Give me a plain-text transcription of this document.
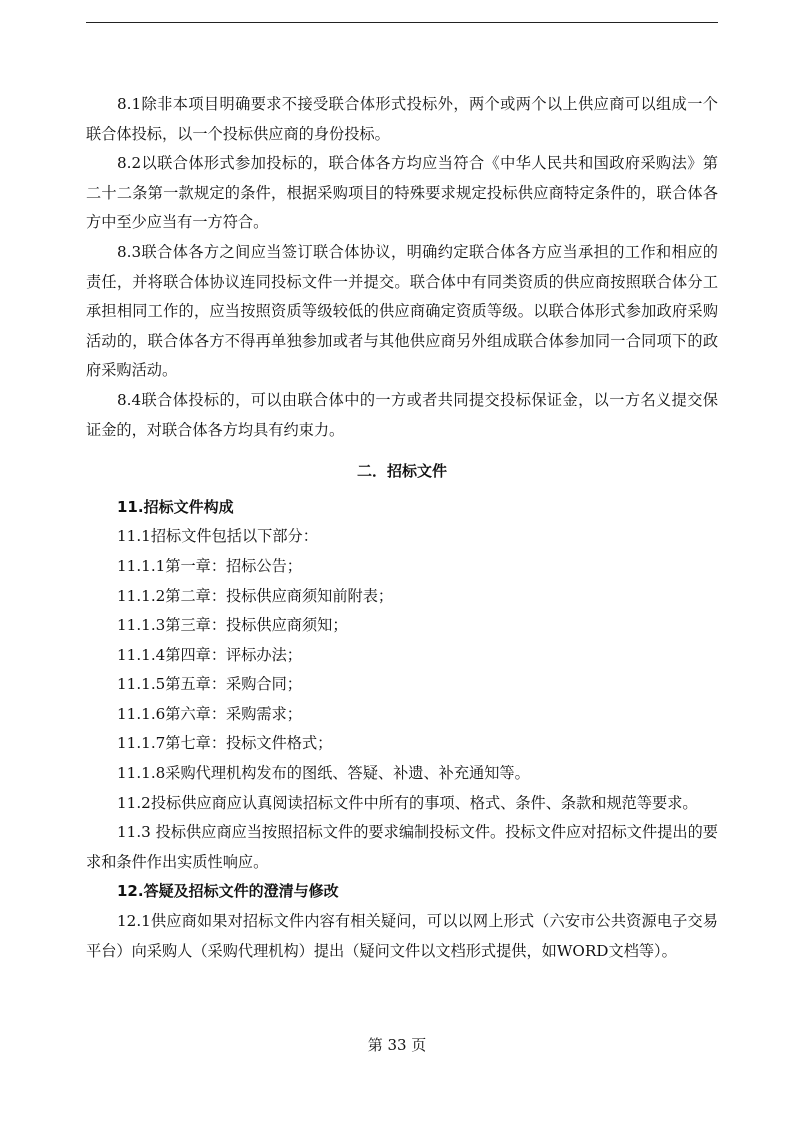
8.1除非本项目明确要求不接受联合体形式投标外，两个或两个以上供应商可以组成一个联合体投标，以一个投标供应商的身份投标。

8.2以联合体形式参加投标的，联合体各方均应当符合《中华人民共和国政府采购法》第二十二条第一款规定的条件，根据采购项目的特殊要求规定投标供应商特定条件的，联合体各方中至少应当有一方符合。

8.3联合体各方之间应当签订联合体协议，明确约定联合体各方应当承担的工作和相应的责任，并将联合体协议连同投标文件一并提交。联合体中有同类资质的供应商按照联合体分工承担相同工作的，应当按照资质等级较低的供应商确定资质等级。以联合体形式参加政府采购活动的，联合体各方不得再单独参加或者与其他供应商另外组成联合体参加同一合同项下的政府采购活动。

8.4联合体投标的，可以由联合体中的一方或者共同提交投标保证金，以一方名义提交保证金的，对联合体各方均具有约束力。

二．招标文件

11.招标文件构成

11.1招标文件包括以下部分：

11.1.1第一章：招标公告；
11.1.2第二章：投标供应商须知前附表；
11.1.3第三章：投标供应商须知；
11.1.4第四章：评标办法；
11.1.5第五章：采购合同；
11.1.6第六章：采购需求；
11.1.7第七章：投标文件格式；
11.1.8采购代理机构发布的图纸、答疑、补遗、补充通知等。

11.2投标供应商应认真阅读招标文件中所有的事项、格式、条件、条款和规范等要求。

11.3 投标供应商应当按照招标文件的要求编制投标文件。投标文件应对招标文件提出的要求和条件作出实质性响应。

12.答疑及招标文件的澄清与修改

12.1供应商如果对招标文件内容有相关疑问，可以以网上形式（六安市公共资源电子交易平台）向采购人（采购代理机构）提出（疑问文件以文档形式提供，如WORD文档等）。

第 33 页
